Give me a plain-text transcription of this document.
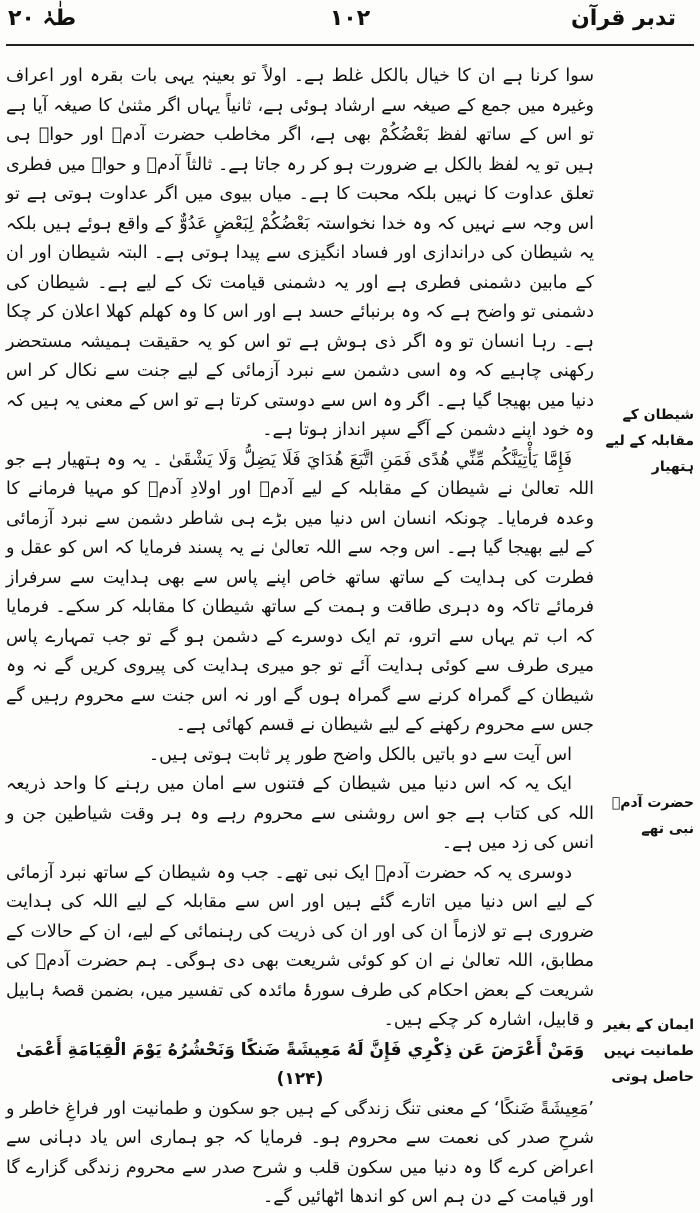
تدبر قرآن
۱۰۲
طٰہٰ ۲۰

سوا کرنا ہے ان کا خیال بالکل غلط ہے۔ اولاً تو بعینہٖ یہی بات بقرہ اور اعراف وغیرہ میں جمع کے صیغہ سے ارشاد ہوئی ہے، ثانیاً یہاں اگر مثنیٰ کا صیغہ آیا ہے تو اس کے ساتھ لفظ بَعْضُكُمْ بھی ہے، اگر مخاطب حضرت آدمؑ اور حواؑ ہی ہیں تو یہ لفظ بالکل بے ضرورت ہو کر رہ جاتا ہے۔ ثالثاً آدمؑ و حواؑ میں فطری تعلق عداوت کا نہیں بلکہ محبت کا ہے۔ میاں بیوی میں اگر عداوت ہوتی ہے تو اس وجہ سے نہیں کہ وہ خدا نخواستہ بَعْضُكُمْ لِبَعْضٍ عَدُوٌّ کے واقع ہوئے ہیں بلکہ یہ شیطان کی دراندازی اور فساد انگیزی سے پیدا ہوتی ہے۔ البتہ شیطان اور ان کے مابین دشمنی فطری ہے اور یہ دشمنی قیامت تک کے لیے ہے۔ شیطان کی دشمنی تو واضح ہے کہ وہ برنبائے حسد ہے اور اس کا وہ کھلم کھلا اعلان کر چکا ہے۔ رہا انسان تو وہ اگر ذی ہوش ہے تو اس کو یہ حقیقت ہمیشہ مستحضر رکھنی چاہیے کہ وہ اسی دشمن سے نبرد آزمائی کے لیے جنت سے نکال کر اس دنیا میں بھیجا گیا ہے۔ اگر وہ اس سے دوستی کرتا ہے تو اس کے معنی یہ ہیں کہ وہ خود اپنے دشمن کے آگے سپر انداز ہوتا ہے۔

فَإِمَّا يَأْتِيَنَّكُم مِّنِّي هُدًى فَمَنِ اتَّبَعَ هُدَايَ فَلَا يَضِلُّ وَلَا يَشْقَىٰ ۔ یہ وہ ہتھیار ہے جو اللہ تعالیٰ نے شیطان کے مقابلہ کے لیے آدمؑ اور اولادِ آدمؑ کو مہیا فرمانے کا وعدہ فرمایا۔ چونکہ انسان اس دنیا میں بڑے ہی شاطر دشمن سے نبرد آزمائی کے لیے بھیجا گیا ہے۔ اس وجہ سے اللہ تعالیٰ نے یہ پسند فرمایا کہ اس کو عقل و فطرت کی ہدایت کے ساتھ ساتھ خاص اپنے پاس سے بھی ہدایت سے سرفراز فرمائے تاکہ وہ دہری طاقت و ہمت کے ساتھ شیطان کا مقابلہ کر سکے۔ فرمایا کہ اب تم یہاں سے اترو، تم ایک دوسرے کے دشمن ہو گے تو جب تمہارے پاس میری طرف سے کوئی ہدایت آئے تو جو میری ہدایت کی پیروی کریں گے نہ وہ شیطان کے گمراہ کرنے سے گمراہ ہوں گے اور نہ اس جنت سے محروم رہیں گے جس سے محروم رکھنے کے لیے شیطان نے قسم کھائی ہے۔

اس آیت سے دو باتیں بالکل واضح طور پر ثابت ہوتی ہیں۔

ایک یہ کہ اس دنیا میں شیطان کے فتنوں سے امان میں رہنے کا واحد ذریعہ اللہ کی کتاب ہے جو اس روشنی سے محروم رہے وہ ہر وقت شیاطین جن و انس کی زد میں ہے۔

دوسری یہ کہ حضرت آدمؑ ایک نبی تھے۔ جب وہ شیطان کے ساتھ نبرد آزمائی کے لیے اس دنیا میں اتارے گئے ہیں اور اس سے مقابلہ کے لیے اللہ کی ہدایت ضروری ہے تو لازماً ان کی اور ان کی ذریت کی رہنمائی کے لیے، ان کے حالات کے مطابق، اللہ تعالیٰ نے ان کو کوئی شریعت بھی دی ہوگی۔ ہم حضرت آدمؑ کی شریعت کے بعض احکام کی طرف سورۂ مائدہ کی تفسیر میں، بضمن قصۂ ہابیل و قابیل، اشارہ کر چکے ہیں۔

وَمَنْ أَعْرَضَ عَن ذِكْرِي فَإِنَّ لَهُ مَعِيشَةً ضَنكًا وَنَحْشُرُهُ يَوْمَ الْقِيَامَةِ أَعْمَىٰ (۱۲۴)

’مَعِيشَةً ضَنكًا‘ کے معنی تنگ زندگی کے ہیں جو سکون و طمانیت اور فراغِ خاطر و شرحِ صدر کی نعمت سے محروم ہو۔ فرمایا کہ جو ہماری اس یاد دہانی سے اعراض کرے گا وہ دنیا میں سکون قلب و شرح صدر سے محروم زندگی گزارے گا اور قیامت کے دن ہم اس کو اندھا اٹھائیں گے۔

شیطان کے مقابلہ کے لیے ہتھیار
حضرت آدمؑ نبی تھے
ایمان کے بغیر طمانیت نہیں حاصل ہوتی
